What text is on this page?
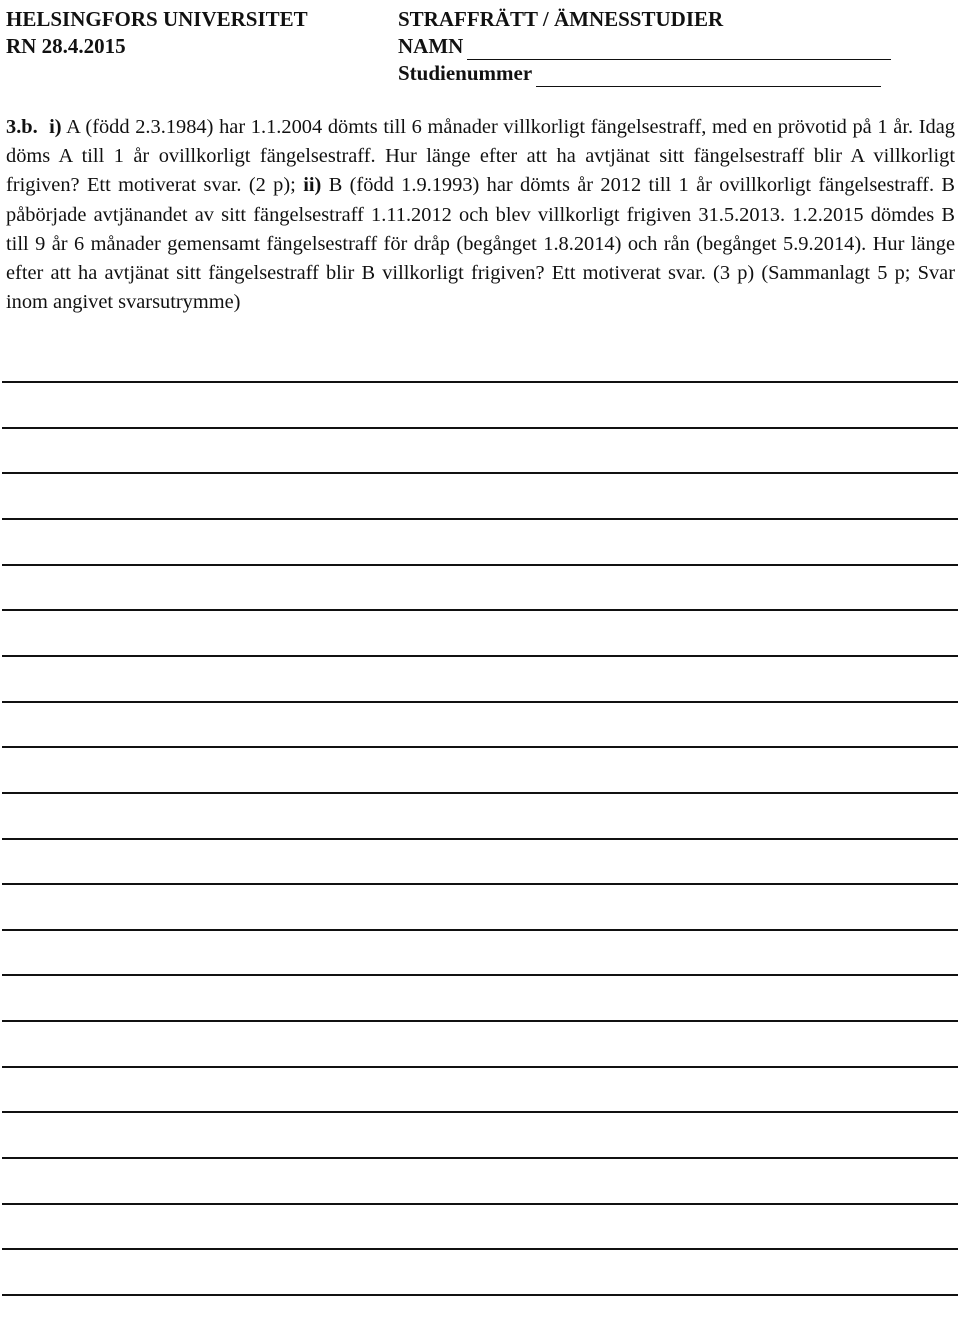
HELSINGFORS UNIVERSITET
RN 28.4.2015
STRAFFRÄTT / ÄMNESSTUDIER
NAMN
Studienummer
3.b. i) A (född 2.3.1984) har 1.1.2004 dömts till 6 månader villkorligt fängelsestraff, med en prövotid på 1 år. Idag döms A till 1 år ovillkorligt fängelsestraff. Hur länge efter att ha avtjänat sitt fängelsestraff blir A villkorligt frigiven? Ett motiverat svar. (2 p); ii) B (född 1.9.1993) har dömts år 2012 till 1 år ovillkorligt fängelsestraff. B påbörjade avtjänandet av sitt fängelsestraff 1.11.2012 och blev villkorligt frigiven 31.5.2013. 1.2.2015 dömdes B till 9 år 6 månader gemensamt fängelsestraff för dråp (begånget 1.8.2014) och rån (begånget 5.9.2014). Hur länge efter att ha avtjänat sitt fängelsestraff blir B villkorligt frigiven? Ett motiverat svar. (3 p) (Sammanlagt 5 p; Svar inom angivet svarsutrymme)
